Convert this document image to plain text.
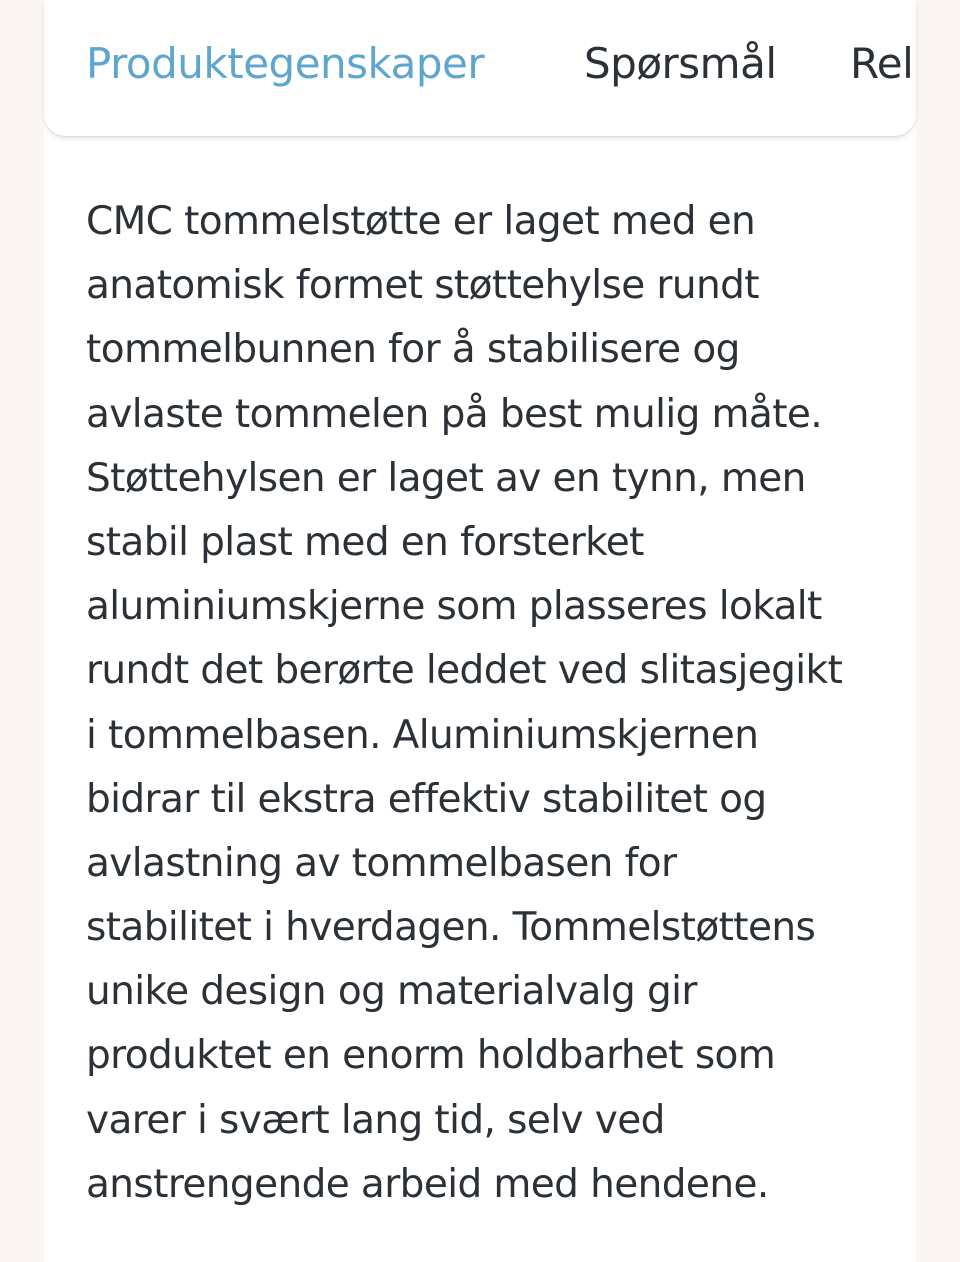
Produktegenskaper Spørsmål Rel
CMC tommelstøtte er laget med en
anatomisk formet støttehylse rundt
tommelbunnen for å stabilisere og
avlaste tommelen på best mulig måte.
Støttehylsen er laget av en tynn, men
stabil plast med en forsterket
aluminiumskjerne som plasseres lokalt
rundt det berørte leddet ved slitasjegikt
i tommelbasen. Aluminiumskjernen
bidrar til ekstra effektiv stabilitet og
avlastning av tommelbasen for
stabilitet i hverdagen. Tommelstøttens
unike design og materialvalg gir
produktet en enorm holdbarhet som
varer i svært lang tid, selv ved
anstrengende arbeid med hendene.
